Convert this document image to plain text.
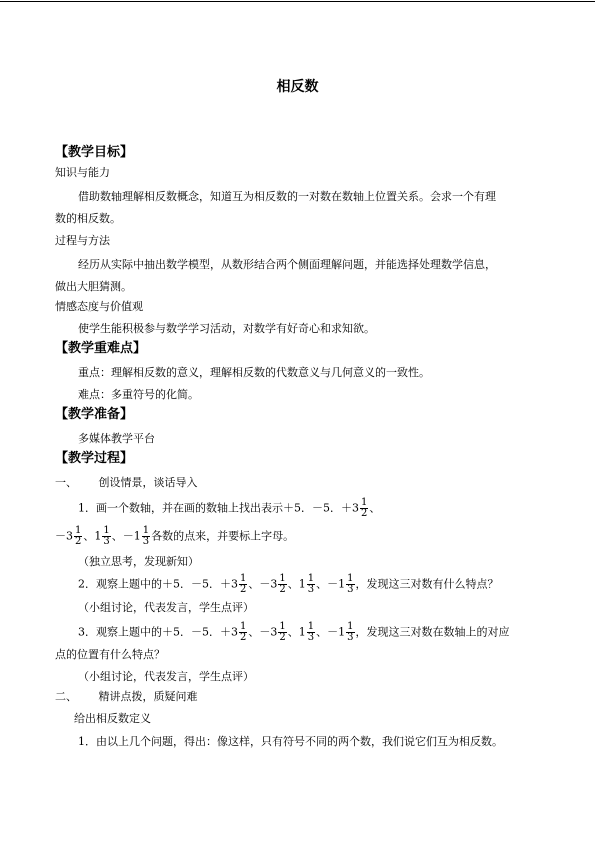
相反数
【教学目标】
知识与能力
借助数轴理解相反数概念，知道互为相反数的一对数在数轴上位置关系。会求一个有理
数的相反数。
过程与方法
经历从实际中抽出数学模型，从数形结合两个侧面理解问题，并能选择处理数学信息，
做出大胆猜测。
情感态度与价值观
使学生能积极参与数学学习活动，对数学有好奇心和求知欲。
【教学重难点】
重点：理解相反数的意义，理解相反数的代数意义与几何意义的一致性。
难点：多重符号的化简。
【教学准备】
多媒体教学平台
【教学过程】
一、 创设情景，谈话导入
1．画一个数轴，并在画的数轴上找出表示＋5．－5．$+3 \frac{1}{2}$ 、
$-3 \frac{1}{2}$ 、$1 \frac{1}{3}$ 、$-1 \frac{1}{3}$ 各数的点来，并要标上字母。
（独立思考，发现新知）
2．观察上题中的＋5．－5．$+3 \frac{1}{2}$ 、$-3 \frac{1}{2}$ 、$1 \frac{1}{3}$ 、$-1 \frac{1}{3}$ ，发现这三对数有什么特点？
（小组讨论，代表发言，学生点评）
3．观察上题中的＋5．－5．$+3 \frac{1}{2}$ 、$-3 \frac{1}{2}$ 、$1 \frac{1}{3}$ 、$-1 \frac{1}{3}$ ，发现这三对数在数轴上的对应
点的位置有什么特点？
（小组讨论，代表发言，学生点评）
二、 精讲点拨，质疑问难
给出相反数定义
1．由以上几个问题，得出：像这样，只有符号不同的两个数，我们说它们互为相反数。
